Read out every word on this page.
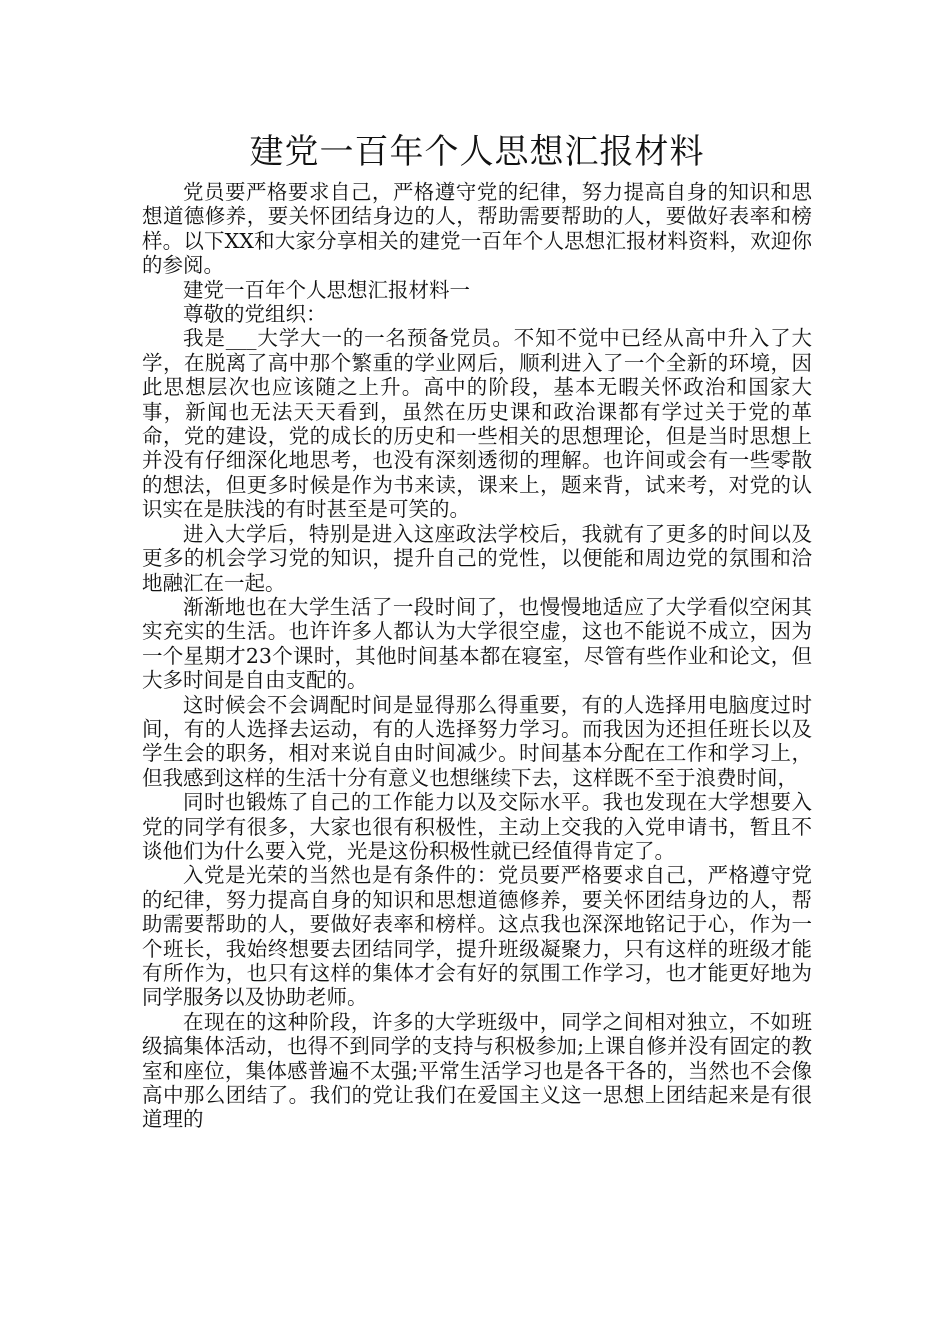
建党一百年个人思想汇报材料

党员要严格要求自己，严格遵守党的纪律，努力提高自身的知识和思想道德修养，要关怀团结身边的人，帮助需要帮助的人，要做好表率和榜样。以下XX和大家分享相关的建党一百年个人思想汇报材料资料，欢迎你的参阅。

建党一百年个人思想汇报材料一

尊敬的党组织：

我是___大学大一的一名预备党员。不知不觉中已经从高中升入了大学，在脱离了高中那个繁重的学业网后，顺利进入了一个全新的环境，因此思想层次也应该随之上升。高中的阶段，基本无暇关怀政治和国家大事，新闻也无法天天看到，虽然在历史课和政治课都有学过关于党的革命，党的建设，党的成长的历史和一些相关的思想理论，但是当时思想上并没有仔细深化地思考，也没有深刻透彻的理解。也许间或会有一些零散的想法，但更多时候是作为书来读，课来上，题来背，试来考，对党的认识实在是肤浅的有时甚至是可笑的。

进入大学后，特别是进入这座政法学校后，我就有了更多的时间以及更多的机会学习党的知识，提升自己的党性，以便能和周边党的氛围和洽地融汇在一起。

渐渐地也在大学生活了一段时间了，也慢慢地适应了大学看似空闲其实充实的生活。也许许多人都认为大学很空虚，这也不能说不成立，因为一个星期才23个课时，其他时间基本都在寝室，尽管有些作业和论文，但大多时间是自由支配的。

这时候会不会调配时间是显得那么得重要，有的人选择用电脑度过时间，有的人选择去运动，有的人选择努力学习。而我因为还担任班长以及学生会的职务，相对来说自由时间减少。时间基本分配在工作和学习上，但我感到这样的生活十分有意义也想继续下去，这样既不至于浪费时间，

同时也锻炼了自己的工作能力以及交际水平。我也发现在大学想要入党的同学有很多，大家也很有积极性，主动上交我的入党申请书，暂且不谈他们为什么要入党，光是这份积极性就已经值得肯定了。

入党是光荣的当然也是有条件的：党员要严格要求自己，严格遵守党的纪律，努力提高自身的知识和思想道德修养，要关怀团结身边的人，帮助需要帮助的人，要做好表率和榜样。这点我也深深地铭记于心，作为一个班长，我始终想要去团结同学，提升班级凝聚力，只有这样的班级才能有所作为，也只有这样的集体才会有好的氛围工作学习，也才能更好地为同学服务以及协助老师。

在现在的这种阶段，许多的大学班级中，同学之间相对独立，不如班级搞集体活动，也得不到同学的支持与积极参加;上课自修并没有固定的教室和座位，集体感普遍不太强;平常生活学习也是各干各的，当然也不会像高中那么团结了。我们的党让我们在爱国主义这一思想上团结起来是有很道理的
